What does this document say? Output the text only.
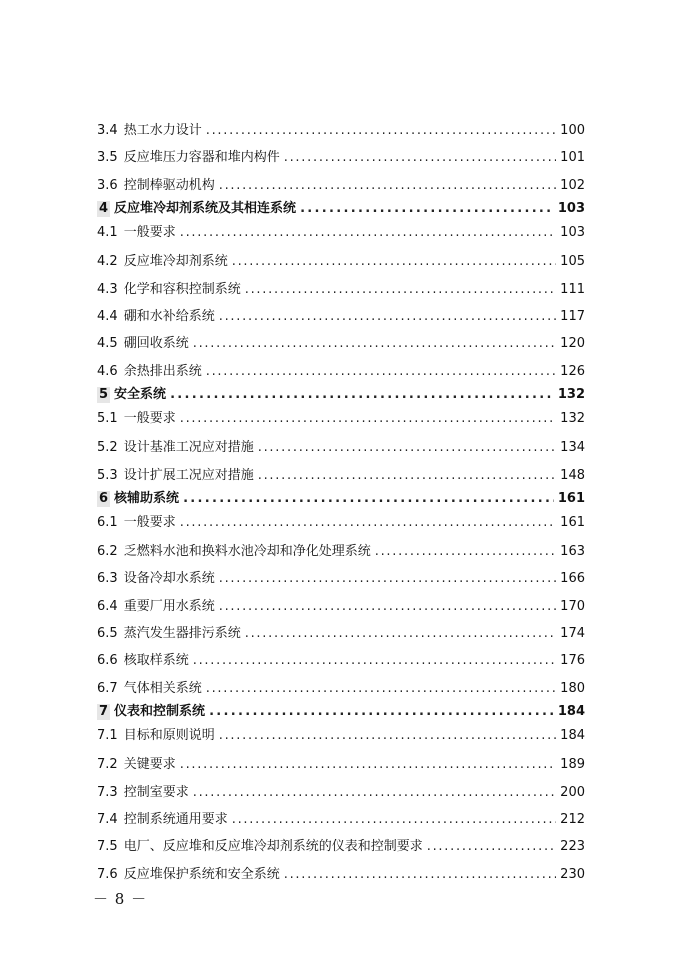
3.4 热工水力设计 . . .	100
3.5 反应堆压力容器和堆内构件 . . .	101
3.6 控制棒驱动机构 . . .	102
4 反应堆冷却剂系统及其相连系统 .....	103
4.1 一般要求 . . .	103
4.2 反应堆冷却剂系统 . . .	105
4.3 化学和容积控制系统 . . .	111
4.4 硼和水补给系统 . . .	117
4.5 硼回收系统 . . .	120
4.6 余热排出系统 . . .	126
5 安全系统 .....	132
5.1 一般要求 . . .	132
5.2 设计基准工况应对措施 . . .	134
5.3 设计扩展工况应对措施 . . .	148
6 核辅助系统 .....	161
6.1 一般要求 . . .	161
6.2 乏燃料水池和换料水池冷却和净化处理系统 . . .	163
6.3 设备冷却水系统 . . .	166
6.4 重要厂用水系统 . . .	170
6.5 蒸汽发生器排污系统 . . .	174
6.6 核取样系统 . . .	176
6.7 气体相关系统 . . .	180
7 仪表和控制系统 .....	184
7.1 目标和原则说明 . . .	184
7.2 关键要求 . . .	189
7.3 控制室要求 . . .	200
7.4 控制系统通用要求 . . .	212
7.5 电厂、反应堆和反应堆冷却剂系统的仪表和控制要求 . . .	223
7.6 反应堆保护系统和安全系统 . . .	230
－ 8 －
